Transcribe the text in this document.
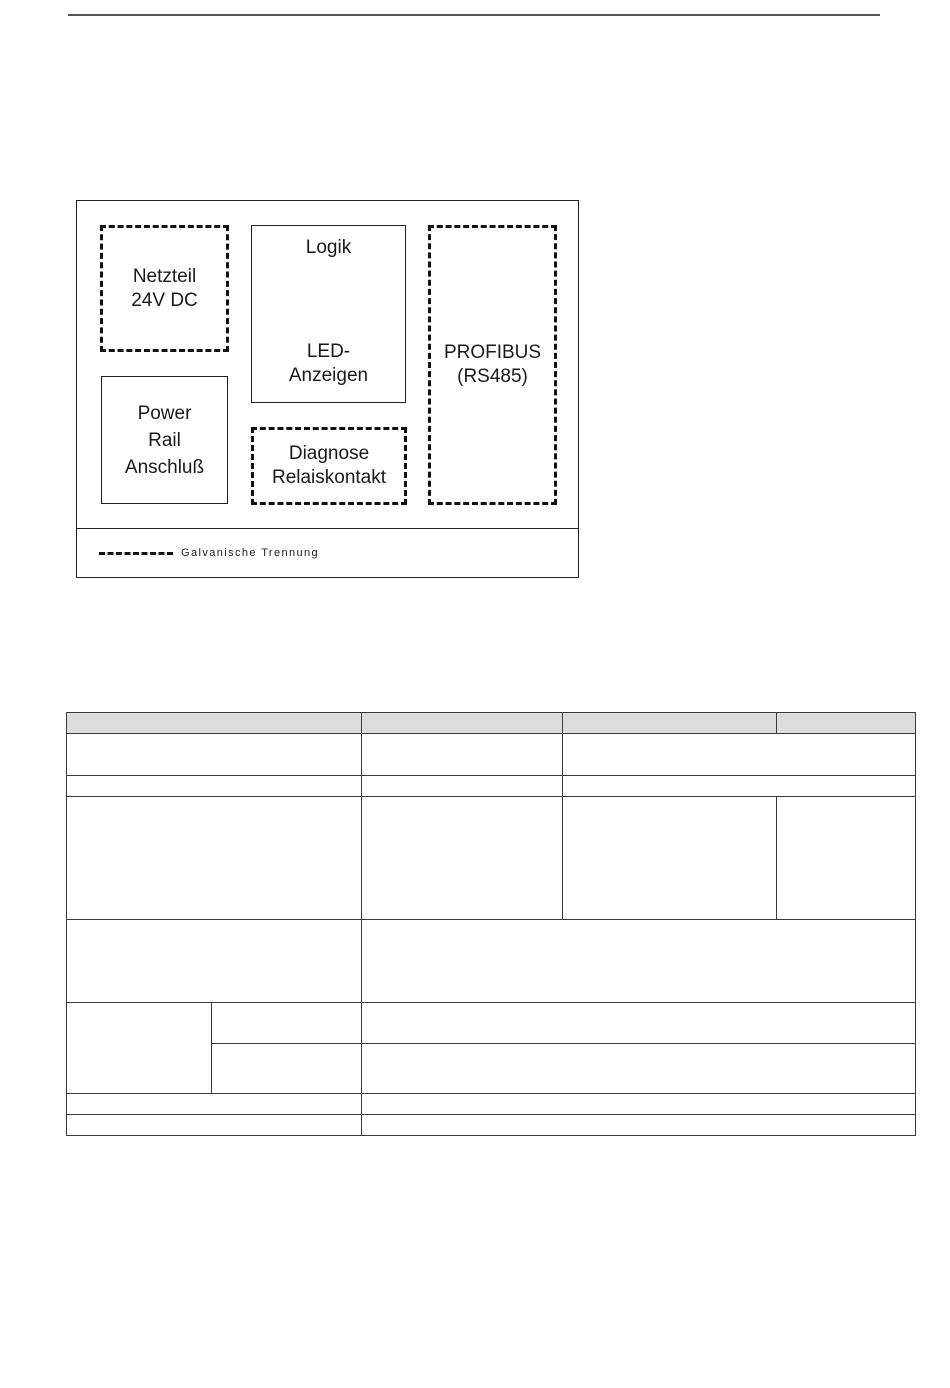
Netzteil
24V DC
Logik
LED-
Anzeigen
Power
Rail
Anschluß
Diagnose
Relaiskontakt
PROFIBUS
(RS485)
Galvanische Trennung
